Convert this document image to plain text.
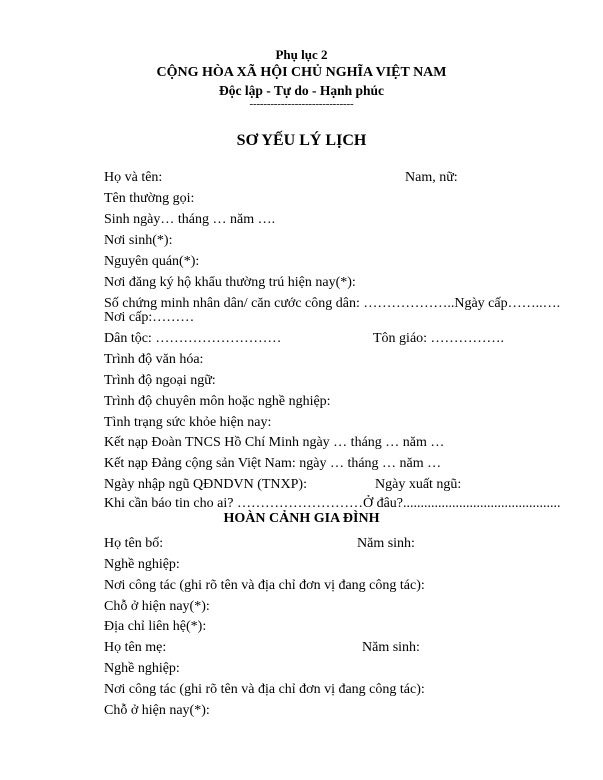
Phụ lục 2
CỘNG HÒA XÃ HỘI CHỦ NGHĨA VIỆT NAM
Độc lập - Tự do - Hạnh phúc
------------------------------
SƠ YẾU LÝ LỊCH
Họ và tên:	Nam, nữ:
Tên thường gọi:
Sinh ngày… tháng … năm ….
Nơi sinh(*):
Nguyên quán(*):
Nơi đăng ký hộ khẩu thường trú hiện nay(*):
Số chứng minh nhân dân/ căn cước công dân: ………………..Ngày cấp……..….
Nơi cấp:………
Dân tộc: ………………………	Tôn giáo: …………….
Trình độ văn hóa:
Trình độ ngoại ngữ:
Trình độ chuyên môn hoặc nghề nghiệp:
Tình trạng sức khỏe hiện nay:
Kết nạp Đoàn TNCS Hồ Chí Minh ngày … tháng … năm …
Kết nạp Đảng cộng sản Việt Nam: ngày … tháng … năm …
Ngày nhập ngũ QĐNDVN (TNXP):	Ngày xuất ngũ:
Khi cần báo tin cho ai? ………………………Ở đâu?.............................................
HOÀN CẢNH GIA ĐÌNH
Họ tên bố:	Năm sinh:
Nghề nghiệp:
Nơi công tác (ghi rõ tên và địa chỉ đơn vị đang công tác):
Chỗ ở hiện nay(*):
Địa chỉ liên hệ(*):
Họ tên mẹ:	Năm sinh:
Nghề nghiệp:
Nơi công tác (ghi rõ tên và địa chỉ đơn vị đang công tác):
Chỗ ở hiện nay(*):
